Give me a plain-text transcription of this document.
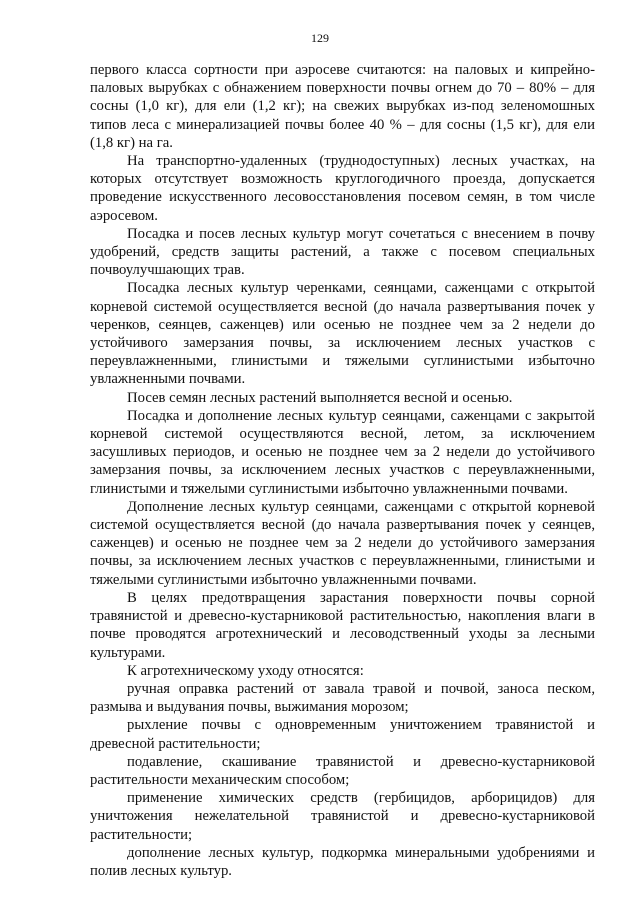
129

первого класса сортности при аэросеве считаются: на паловых и кипрейно-паловых вырубках с обнажением поверхности почвы огнем до 70 – 80% – для сосны (1,0 кг), для ели (1,2 кг); на свежих вырубках из-под зеленомошных типов леса с минерализацией почвы более 40 % – для сосны (1,5 кг), для ели (1,8 кг) на га.

На транспортно-удаленных (труднодоступных) лесных участках, на которых отсутствует возможность круглогодичного проезда, допускается проведение искусственного лесовосстановления посевом семян, в том числе аэросевом.

Посадка и посев лесных культур могут сочетаться с внесением в почву удобрений, средств защиты растений, а также с посевом специальных почвоулучшающих трав.

Посадка лесных культур черенками, сеянцами, саженцами с открытой корневой системой осуществляется весной (до начала развертывания почек у черенков, сеянцев, саженцев) или осенью не позднее чем за 2 недели до устойчивого замерзания почвы, за исключением лесных участков с переувлажненными, глинистыми и тяжелыми суглинистыми избыточно увлажненными почвами.

Посев семян лесных растений выполняется весной и осенью.

Посадка и дополнение лесных культур сеянцами, саженцами с закрытой корневой системой осуществляются весной, летом, за исключением засушливых периодов, и осенью не позднее чем за 2 недели до устойчивого замерзания почвы, за исключением лесных участков с переувлажненными, глинистыми и тяжелыми суглинистыми избыточно увлажненными почвами.

Дополнение лесных культур сеянцами, саженцами с открытой корневой системой осуществляется весной (до начала развертывания почек у сеянцев, саженцев) и осенью не позднее чем за 2 недели до устойчивого замерзания почвы, за исключением лесных участков с переувлажненными, глинистыми и тяжелыми суглинистыми избыточно увлажненными почвами.

В целях предотвращения зарастания поверхности почвы сорной травянистой и древесно-кустарниковой растительностью, накопления влаги в почве проводятся агротехнический и лесоводственный уходы за лесными культурами.

К агротехническому уходу относятся:

ручная оправка растений от завала травой и почвой, заноса песком, размыва и выдувания почвы, выжимания морозом;

рыхление почвы с одновременным уничтожением травянистой и древесной растительности;

подавление, скашивание травянистой и древесно-кустарниковой растительности механическим способом;

применение химических средств (гербицидов, арборицидов) для уничтожения нежелательной травянистой и древесно-кустарниковой растительности;

дополнение лесных культур, подкормка минеральными удобрениями и полив лесных культур.
